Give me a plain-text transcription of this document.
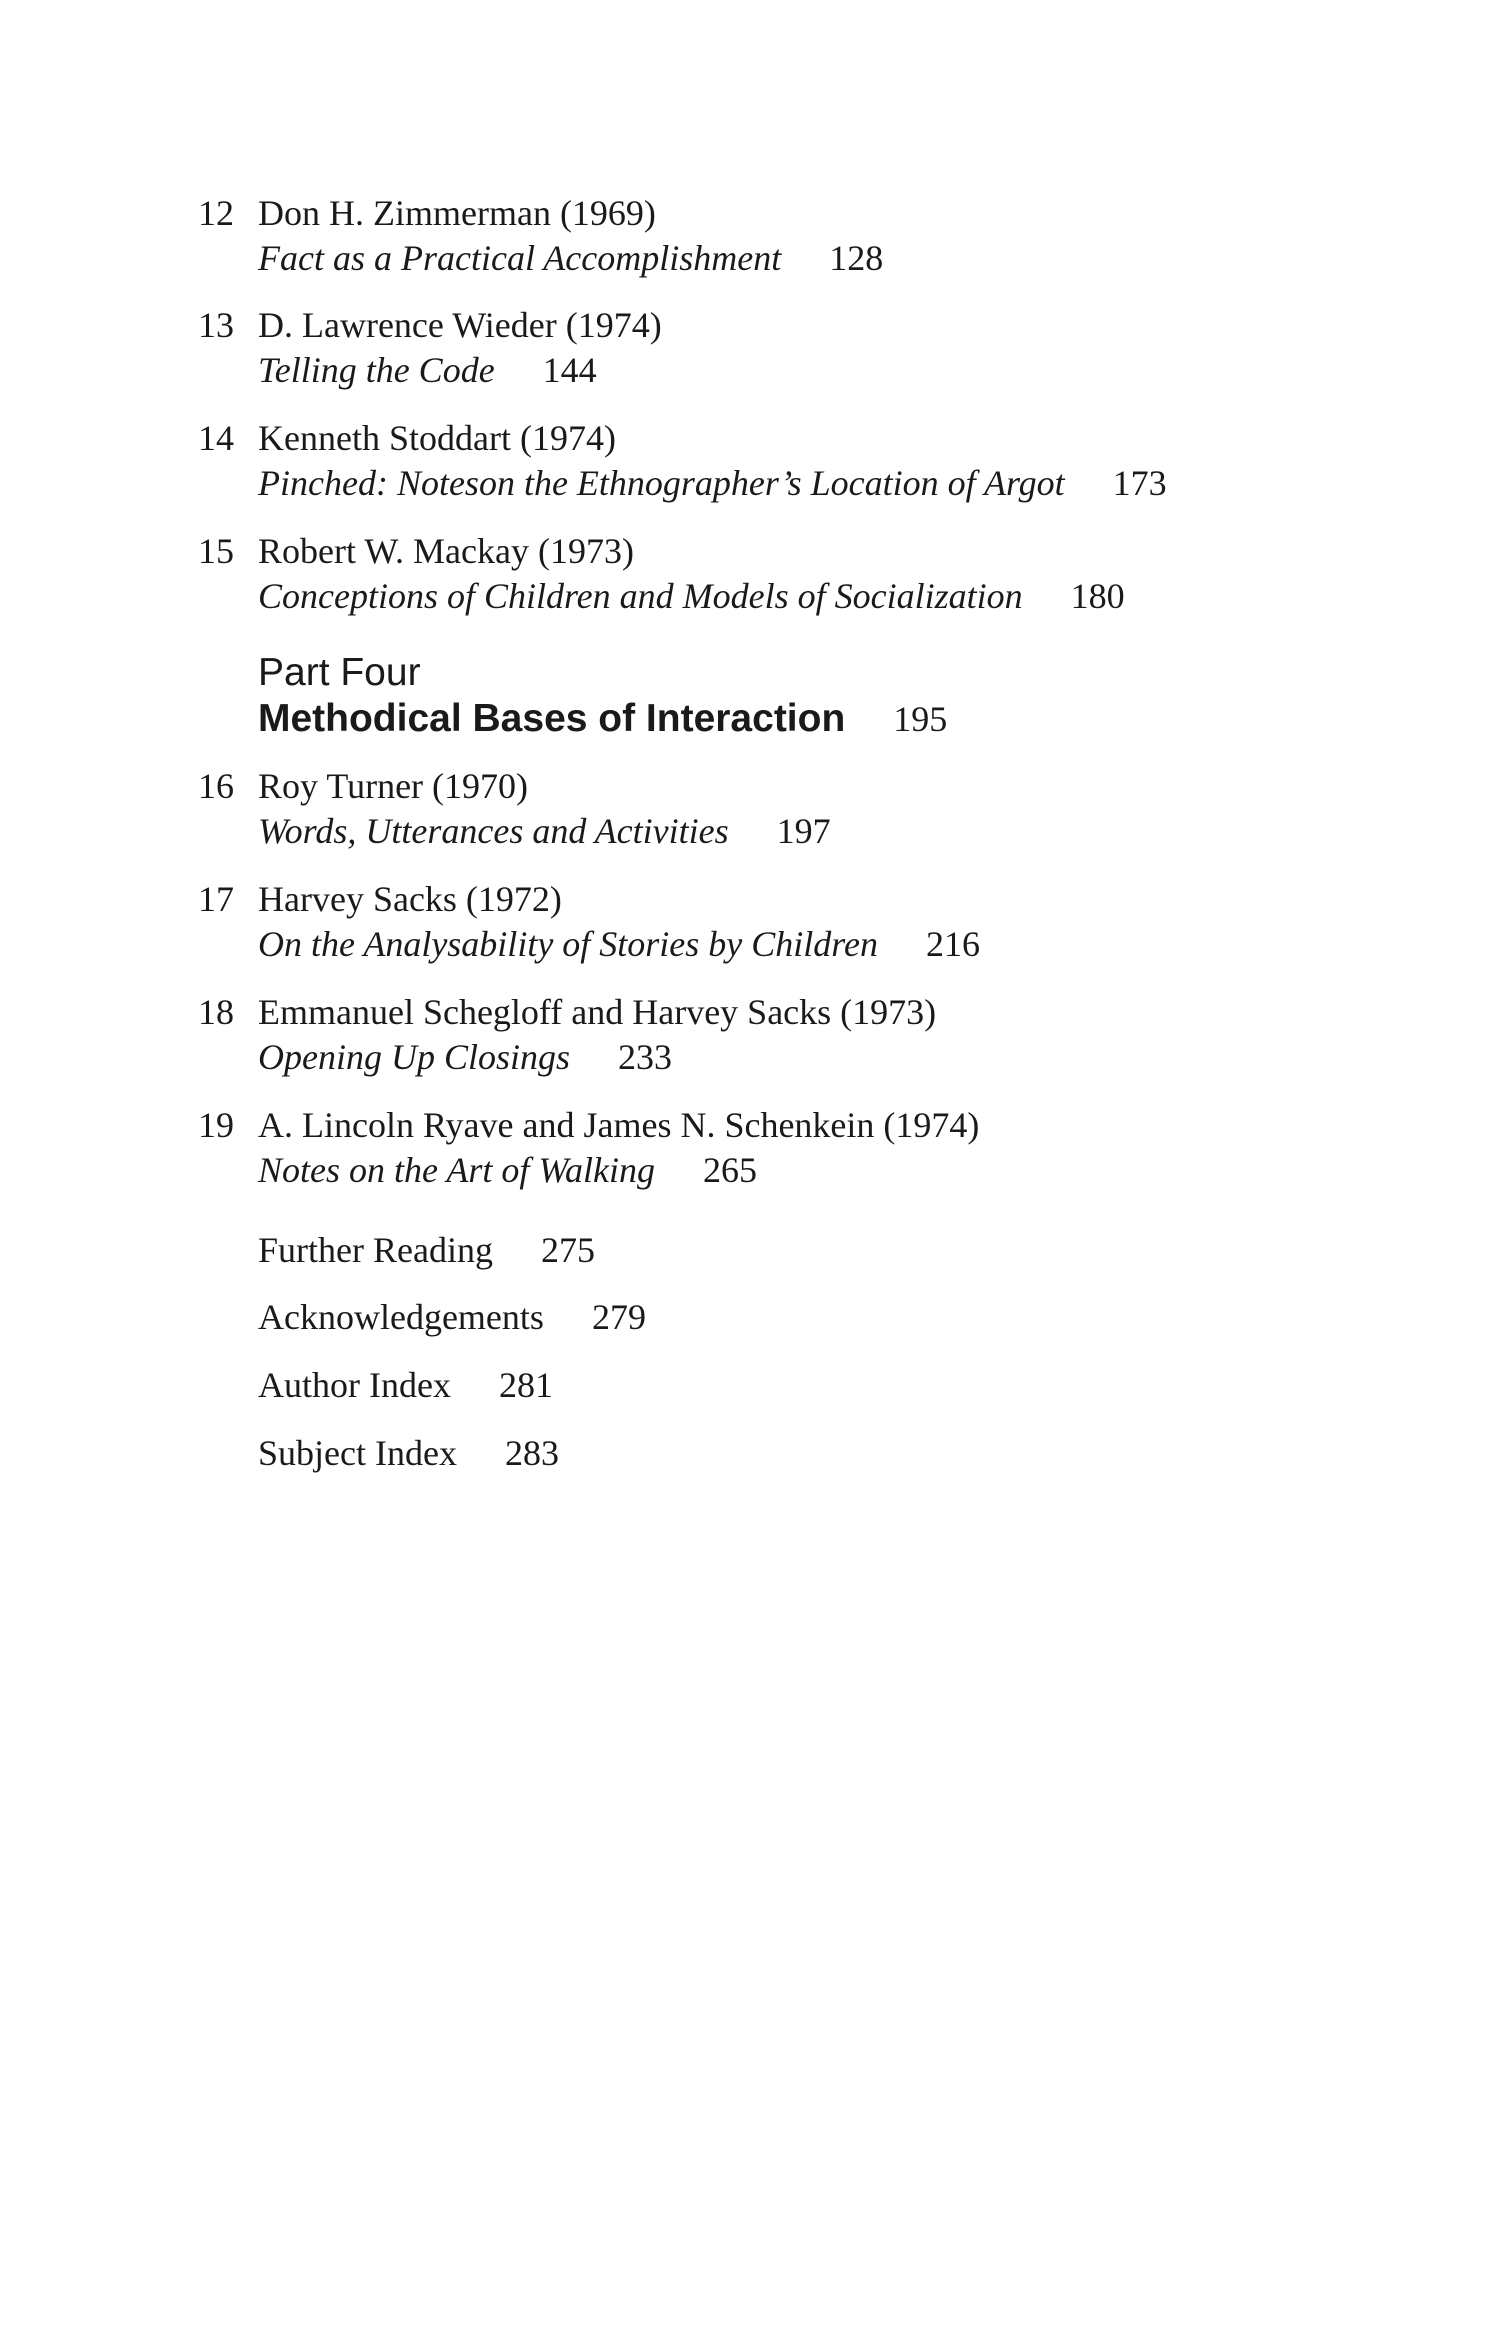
12 Don H. Zimmerman (1969)
Fact as a Practical Accomplishment 128
13 D. Lawrence Wieder (1974)
Telling the Code 144
14 Kenneth Stoddart (1974)
Pinched: Noteson the Ethnographer’s Location of Argot 173
15 Robert W. Mackay (1973)
Conceptions of Children and Models of Socialization 180
Part Four
Methodical Bases of Interaction 195
16 Roy Turner (1970)
Words, Utterances and Activities 197
17 Harvey Sacks (1972)
On the Analysability of Stories by Children 216
18 Emmanuel Schegloff and Harvey Sacks (1973)
Opening Up Closings 233
19 A. Lincoln Ryave and James N. Schenkein (1974)
Notes on the Art of Walking 265
Further Reading 275
Acknowledgements 279
Author Index 281
Subject Index 283
